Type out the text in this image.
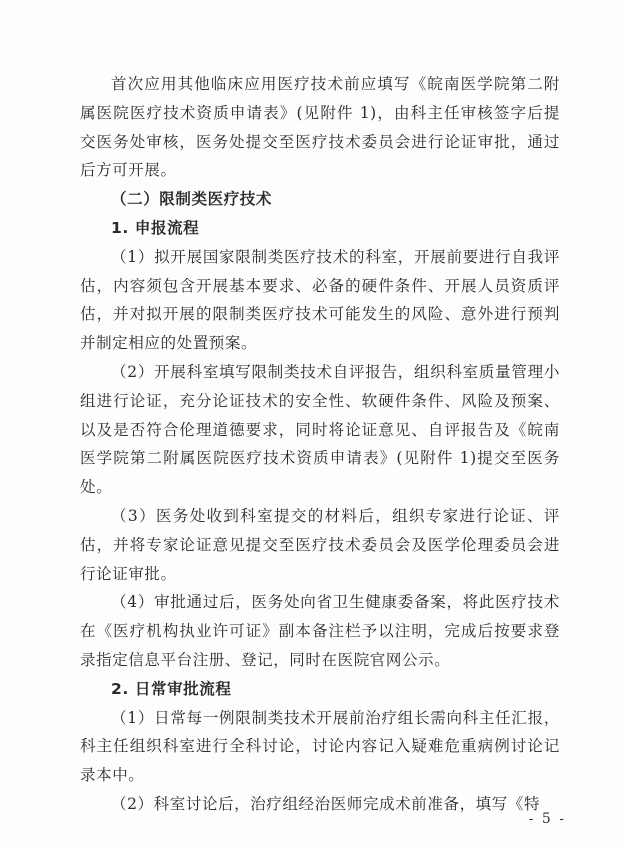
首次应用其他临床应用医疗技术前应填写《皖南医学院第二附属医院医疗技术资质申请表》(见附件 1)，由科主任审核签字后提交医务处审核，医务处提交至医疗技术委员会进行论证审批，通过后方可开展。

（二）限制类医疗技术

1. 申报流程

（1）拟开展国家限制类医疗技术的科室，开展前要进行自我评估，内容须包含开展基本要求、必备的硬件条件、开展人员资质评估，并对拟开展的限制类医疗技术可能发生的风险、意外进行预判并制定相应的处置预案。

（2）开展科室填写限制类技术自评报告，组织科室质量管理小组进行论证，充分论证技术的安全性、软硬件条件、风险及预案、以及是否符合伦理道德要求，同时将论证意见、自评报告及《皖南医学院第二附属医院医疗技术资质申请表》(见附件 1)提交至医务处。

（3）医务处收到科室提交的材料后，组织专家进行论证、评估，并将专家论证意见提交至医疗技术委员会及医学伦理委员会进行论证审批。

（4）审批通过后，医务处向省卫生健康委备案，将此医疗技术在《医疗机构执业许可证》副本备注栏予以注明，完成后按要求登录指定信息平台注册、登记，同时在医院官网公示。

2. 日常审批流程

（1）日常每一例限制类技术开展前治疗组长需向科主任汇报，科主任组织科室进行全科讨论，讨论内容记入疑难危重病例讨论记录本中。

（2）科室讨论后，治疗组经治医师完成术前准备，填写《特

- 5 -
